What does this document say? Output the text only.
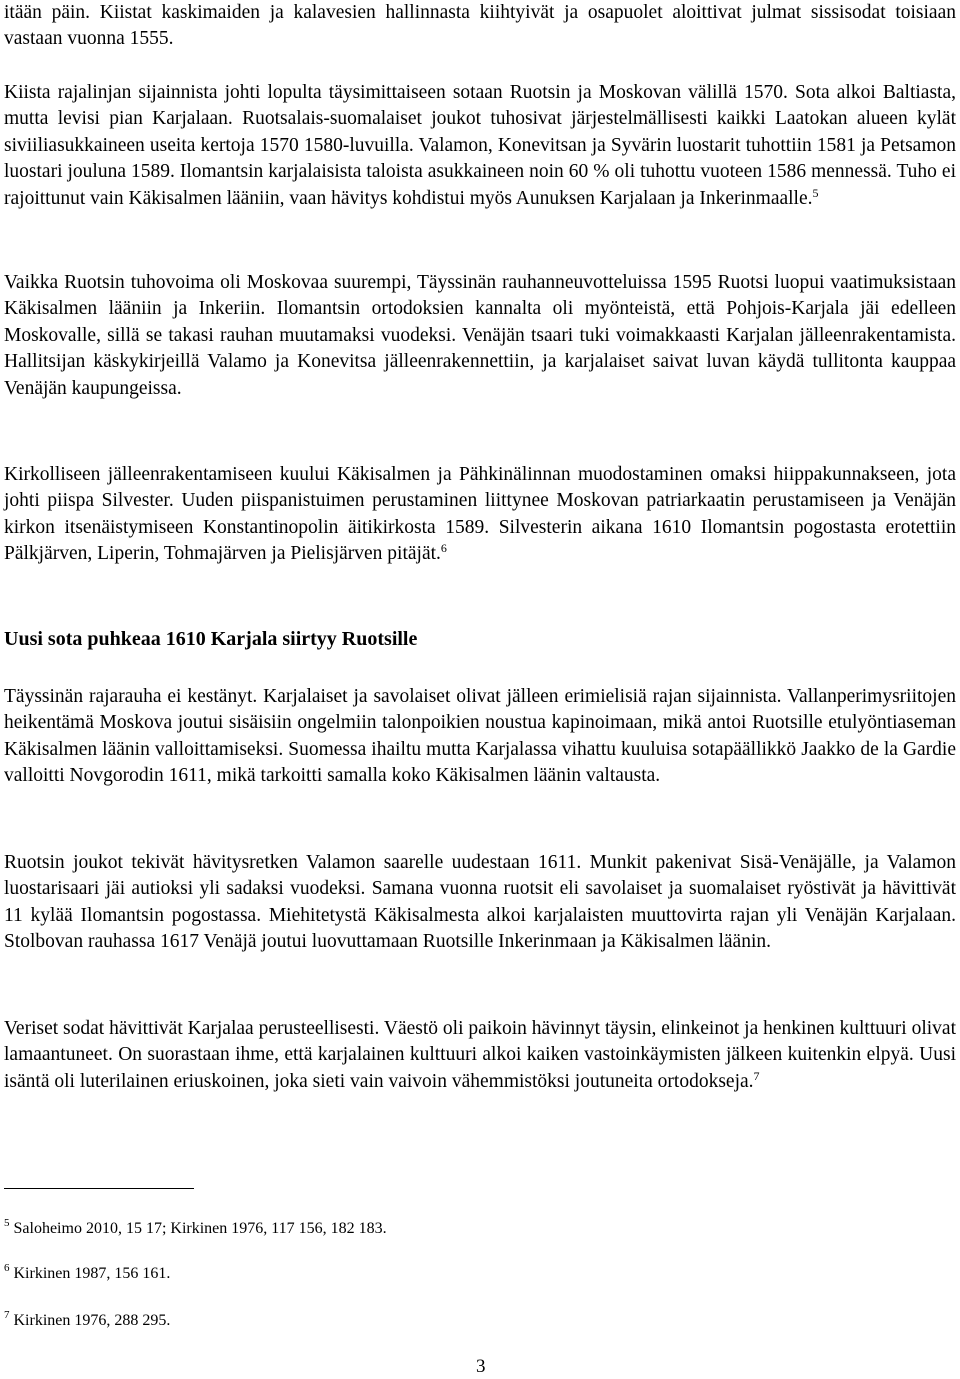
itään päin. Kiistat kaskimaiden ja kalavesien hallinnasta kiihtyivät ja osapuolet aloittivat julmat sissisodat toisiaan vastaan vuonna 1555.

Kiista rajalinjan sijainnista johti lopulta täysimittaiseen sotaan Ruotsin ja Moskovan välillä 1570. Sota alkoi Baltiasta, mutta levisi pian Karjalaan. Ruotsalais-suomalaiset joukot tuhosivat järjestelmällisesti kaikki Laatokan alueen kylät siviiliasukkaineen useita kertoja 1570 1580-luvuilla. Valamon, Konevitsan ja Syvärin luostarit tuhottiin 1581 ja Petsamon luostari jouluna 1589. Ilomantsin karjalaisista taloista asukkaineen noin 60 % oli tuhottu vuoteen 1586 mennessä. Tuho ei rajoittunut vain Käkisalmen lääniin, vaan hävitys kohdistui myös Aunuksen Karjalaan ja Inkerinmaalle.$^5$

Vaikka Ruotsin tuhovoima oli Moskovaa suurempi, Täyssinän rauhanneuvotteluissa 1595 Ruotsi luopui vaatimuksistaan Käkisalmen lääniin ja Inkeriin. Ilomantsin ortodoksien kannalta oli myönteistä, että Pohjois-Karjala jäi edelleen Moskovalle, sillä se takasi rauhan muutamaksi vuodeksi. Venäjän tsaari tuki voimakkaasti Karjalan jälleenrakentamista. Hallitsijan käskykirjeillä Valamo ja Konevitsa jälleenrakennettiin, ja karjalaiset saivat luvan käydä tullitonta kauppaa Venäjän kaupungeissa.

Kirkolliseen jälleenrakentamiseen kuului Käkisalmen ja Pähkinälinnan muodostaminen omaksi hiippakunnakseen, jota johti piispa Silvester. Uuden piispanistuimen perustaminen liittynee Moskovan patriarkaatin perustamiseen ja Venäjän kirkon itsenäistymiseen Konstantinopolin äitikirkosta 1589. Silvesterin aikana 1610 Ilomantsin pogostasta erotettiin Pälkjärven, Liperin, Tohmajärven ja Pielisjärven pitäjät.$^6$

Uusi sota puhkeaa 1610 Karjala siirtyy Ruotsille

Täyssinän rajarauha ei kestänyt. Karjalaiset ja savolaiset olivat jälleen erimielisiä rajan sijainnista. Vallanperimysriitojen heikentämä Moskova joutui sisäisiin ongelmiin talonpoikien noustua kapinoimaan, mikä antoi Ruotsille etulyöntiaseman Käkisalmen läänin valloittamiseksi. Suomessa ihailtu mutta Karjalassa vihattu kuuluisa sotapäällikkö Jaakko de la Gardie valloitti Novgorodin 1611, mikä tarkoitti samalla koko Käkisalmen läänin valtausta.

Ruotsin joukot tekivät hävitysretken Valamon saarelle uudestaan 1611. Munkit pakenivat Sisä-Venäjälle, ja Valamon luostarisaari jäi autioksi yli sadaksi vuodeksi. Samana vuonna ruotsit eli savolaiset ja suomalaiset ryöstivät ja hävittivät 11 kylää Ilomantsin pogostassa. Miehitetystä Käkisalmesta alkoi karjalaisten muuttovirta rajan yli Venäjän Karjalaan. Stolbovan rauhassa 1617 Venäjä joutui luovuttamaan Ruotsille Inkerinmaan ja Käkisalmen läänin.

Veriset sodat hävittivät Karjalaa perusteellisesti. Väestö oli paikoin hävinnyt täysin, elinkeinot ja henkinen kulttuuri olivat lamaantuneet. On suorastaan ihme, että karjalainen kulttuuri alkoi kaiken vastoinkäymisten jälkeen kuitenkin elpyä. Uusi isäntä oli luterilainen eriuskoinen, joka sieti vain vaivoin vähemmistöksi joutuneita ortodokseja.$^7$

$^5$ Saloheimo 2010, 15 17; Kirkinen 1976, 117 156, 182 183.
$^6$ Kirkinen 1987, 156 161.
$^7$ Kirkinen 1976, 288 295.
3
